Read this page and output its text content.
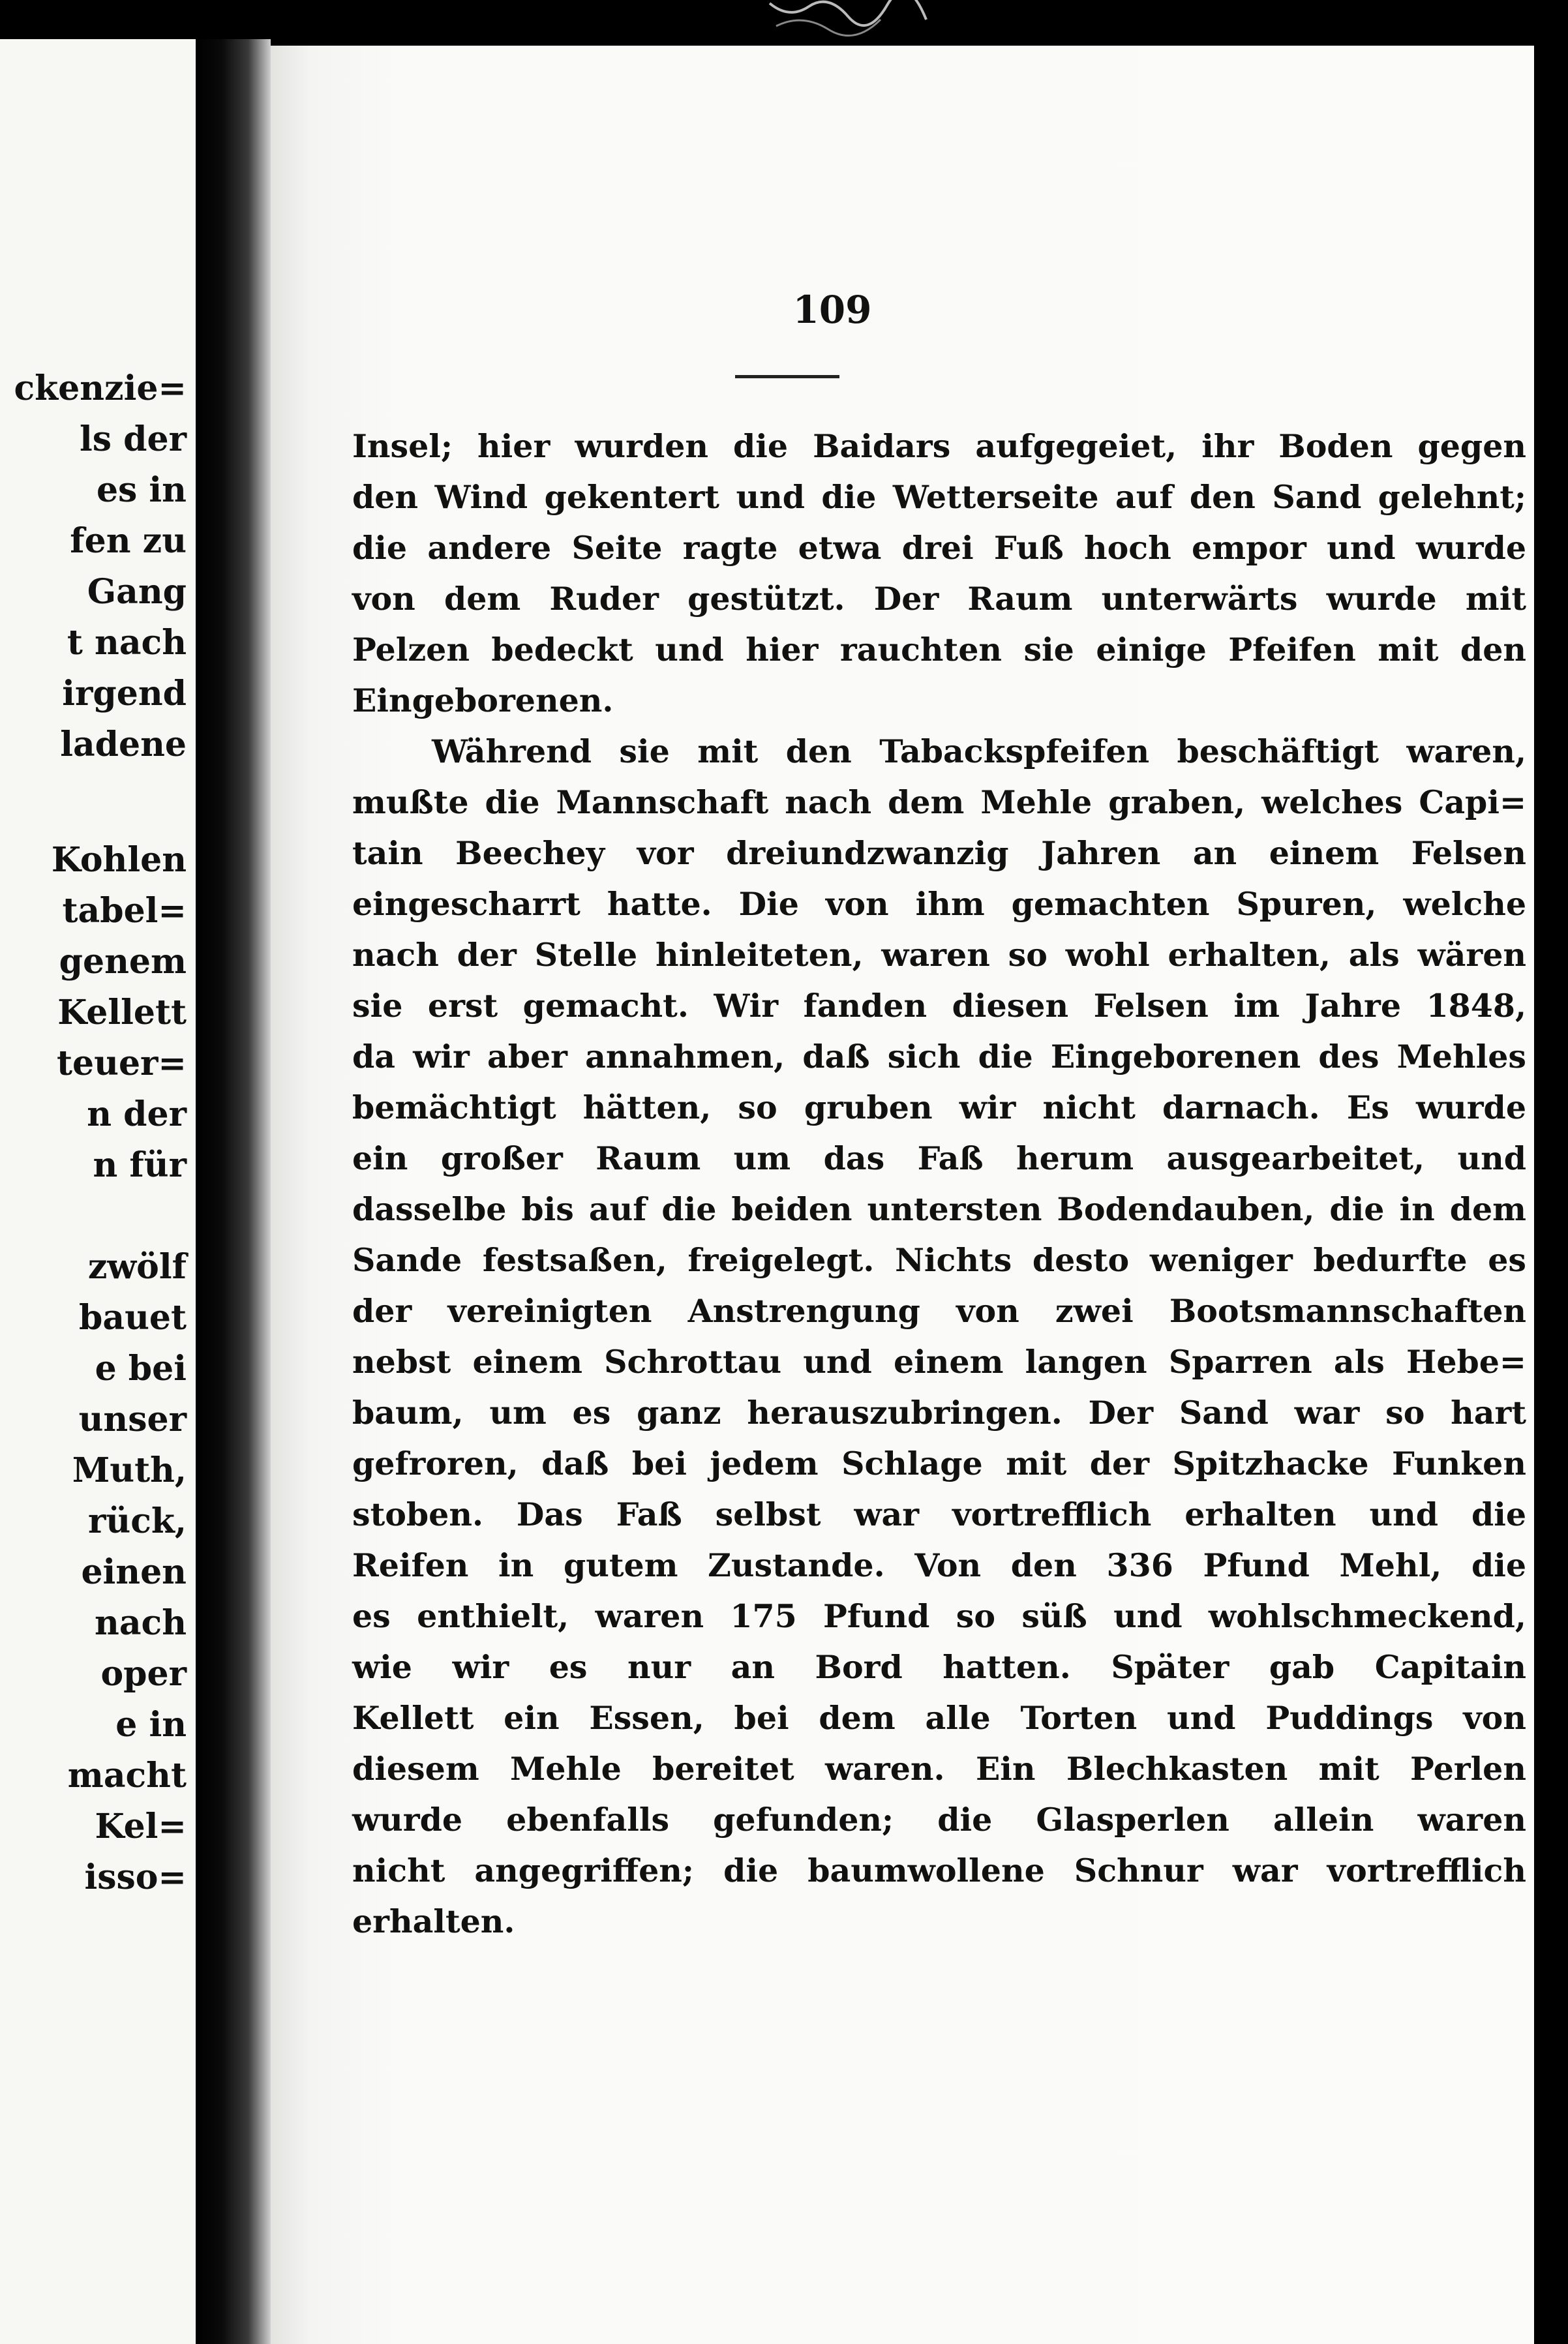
ckenzie=
ls der
es in
fen zu
Gang
t nach
irgend
ladene
Kohlen
tabel=
genem
Kellett
teuer=
n der
n für
zwölf
bauet
e bei
unser
Muth,
rück,
einen
nach
oper
e in
macht
Kel=
isso=
109
Insel; hier wurden die Baidars aufgegeiet, ihr Boden gegen
den Wind gekentert und die Wetterseite auf den Sand gelehnt;
die andere Seite ragte etwa drei Fuß hoch empor und wurde
von dem Ruder gestützt. Der Raum unterwärts wurde mit
Pelzen bedeckt und hier rauchten sie einige Pfeifen mit den
Eingeborenen.
Während sie mit den Tabackspfeifen beschäftigt waren,
mußte die Mannschaft nach dem Mehle graben, welches Capi=
tain Beechey vor dreiundzwanzig Jahren an einem Felsen
eingescharrt hatte. Die von ihm gemachten Spuren, welche
nach der Stelle hinleiteten, waren so wohl erhalten, als wären
sie erst gemacht. Wir fanden diesen Felsen im Jahre 1848,
da wir aber annahmen, daß sich die Eingeborenen des Mehles
bemächtigt hätten, so gruben wir nicht darnach. Es wurde
ein großer Raum um das Faß herum ausgearbeitet, und
dasselbe bis auf die beiden untersten Bodendauben, die in dem
Sande festsaßen, freigelegt. Nichts desto weniger bedurfte es
der vereinigten Anstrengung von zwei Bootsmannschaften
nebst einem Schrottau und einem langen Sparren als Hebe=
baum, um es ganz herauszubringen. Der Sand war so hart
gefroren, daß bei jedem Schlage mit der Spitzhacke Funken
stoben. Das Faß selbst war vortrefflich erhalten und die
Reifen in gutem Zustande. Von den 336 Pfund Mehl, die
es enthielt, waren 175 Pfund so süß und wohlschmeckend,
wie wir es nur an Bord hatten. Später gab Capitain
Kellett ein Essen, bei dem alle Torten und Puddings von
diesem Mehle bereitet waren. Ein Blechkasten mit Perlen
wurde ebenfalls gefunden; die Glasperlen allein waren
nicht angegriffen; die baumwollene Schnur war vortrefflich
erhalten.
